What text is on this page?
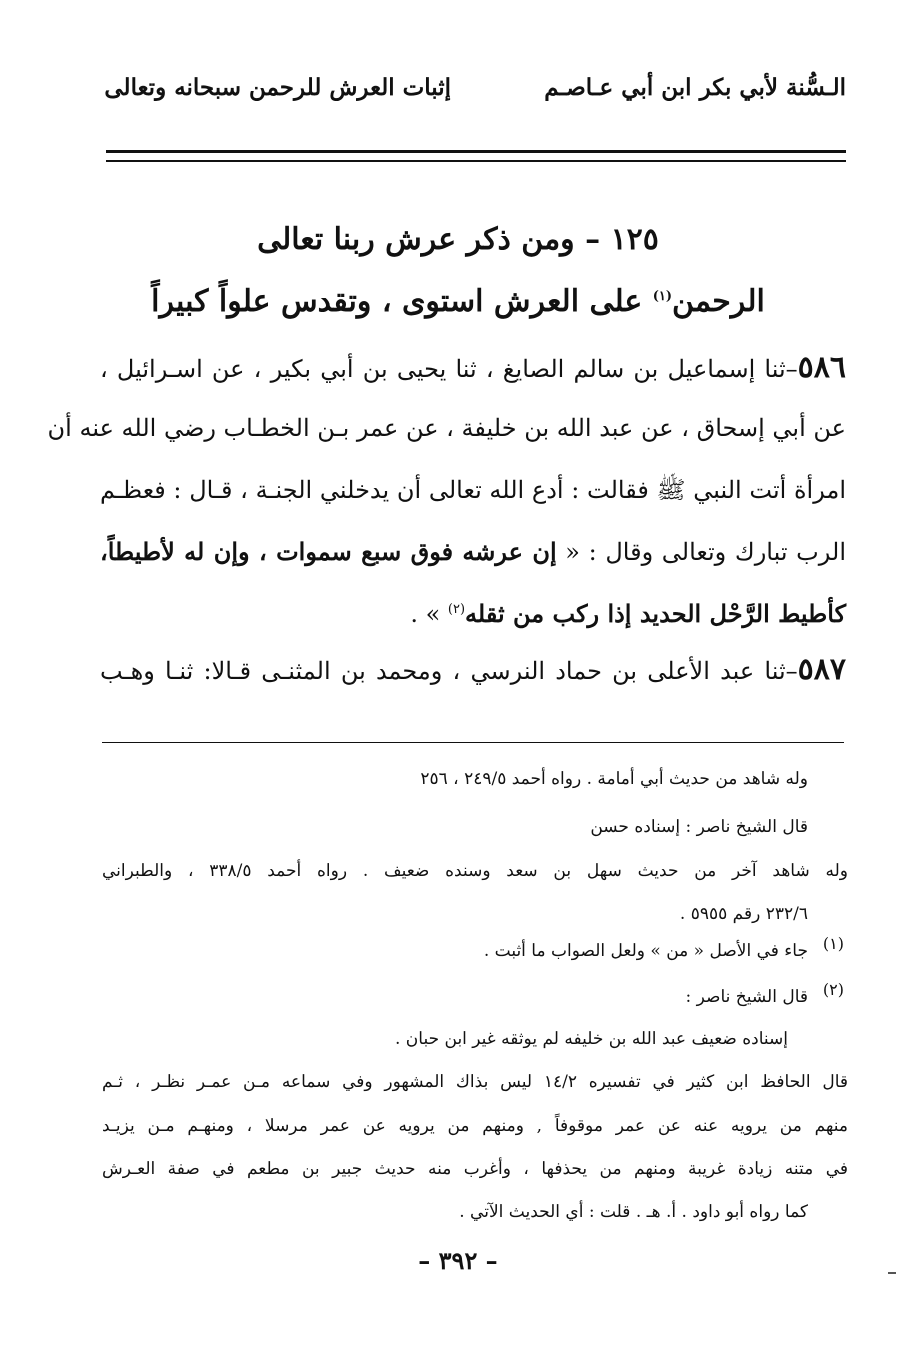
الـسُّنة لأبي بكر ابن أبي عـاصـم
إثبات العرش للرحمن سبحانه وتعالى
١٢٥ – ومن ذكر عرش ربنا تعالى
الرحمن$^{(١)}$ على العرش استوى ، وتقدس علواً كبيراً
٥٨٦–ثنا إسماعيل بن سالم الصايغ ، ثنا يحيى بن أبي بكير ، عن اسـرائيل ،
عن أبي إسحاق ، عن عبد الله بن خليفة ، عن عمر بـن الخطـاب رضي الله عنه أن
امرأة أتت النبي ﷺ فقالت : أدع الله تعالى أن يدخلني الجنـة ، قـال : فعظـم
الرب تبارك وتعالى وقال : « إن عرشه فوق سبع سموات ، وإن له لأطيطاً،
كأطيط الرَّحْل الحديد إذا ركب من ثقله$^{(٢)}$ » .
٥٨٧–ثنا عبد الأعلى بن حماد النرسي ، ومحمد بن المثنـى قـالا: ثنـا وهـب
وله شاهد من حديث أبي أمامة . رواه أحمد ٢٤٩/٥ ، ٢٥٦
قال الشيخ ناصر : إسناده حسن
وله شاهد آخر من حديث سهل بن سعد وسنده ضعيف . رواه أحمد ٣٣٨/٥ ، والطبراني
٢٣٢/٦ رقم ٥٩٥٥ .
(١)
جاء في الأصل « من » ولعل الصواب ما أثبت .
(٢)
قال الشيخ ناصر :
إسناده ضعيف عبد الله بن خليفه لم يوثقه غير ابن حبان .
قال الحافظ ابن كثير في تفسيره ١٤/٢ ليس بذاك المشهور وفي سماعه مـن عمـر نظـر ، ثـم
منهم من يرويه عنه عن عمر موقوفاً , ومنهم من يرويه عن عمر مرسلا ، ومنهـم مـن يزيـد
في متنه زيادة غريبة ومنهم من يحذفها ، وأغرب منه حديث جبير بن مطعم في صفة العـرش
كما رواه أبو داود . أ. هـ . قلت : أي الحديث الآتي .
– ٣٩٢ –
